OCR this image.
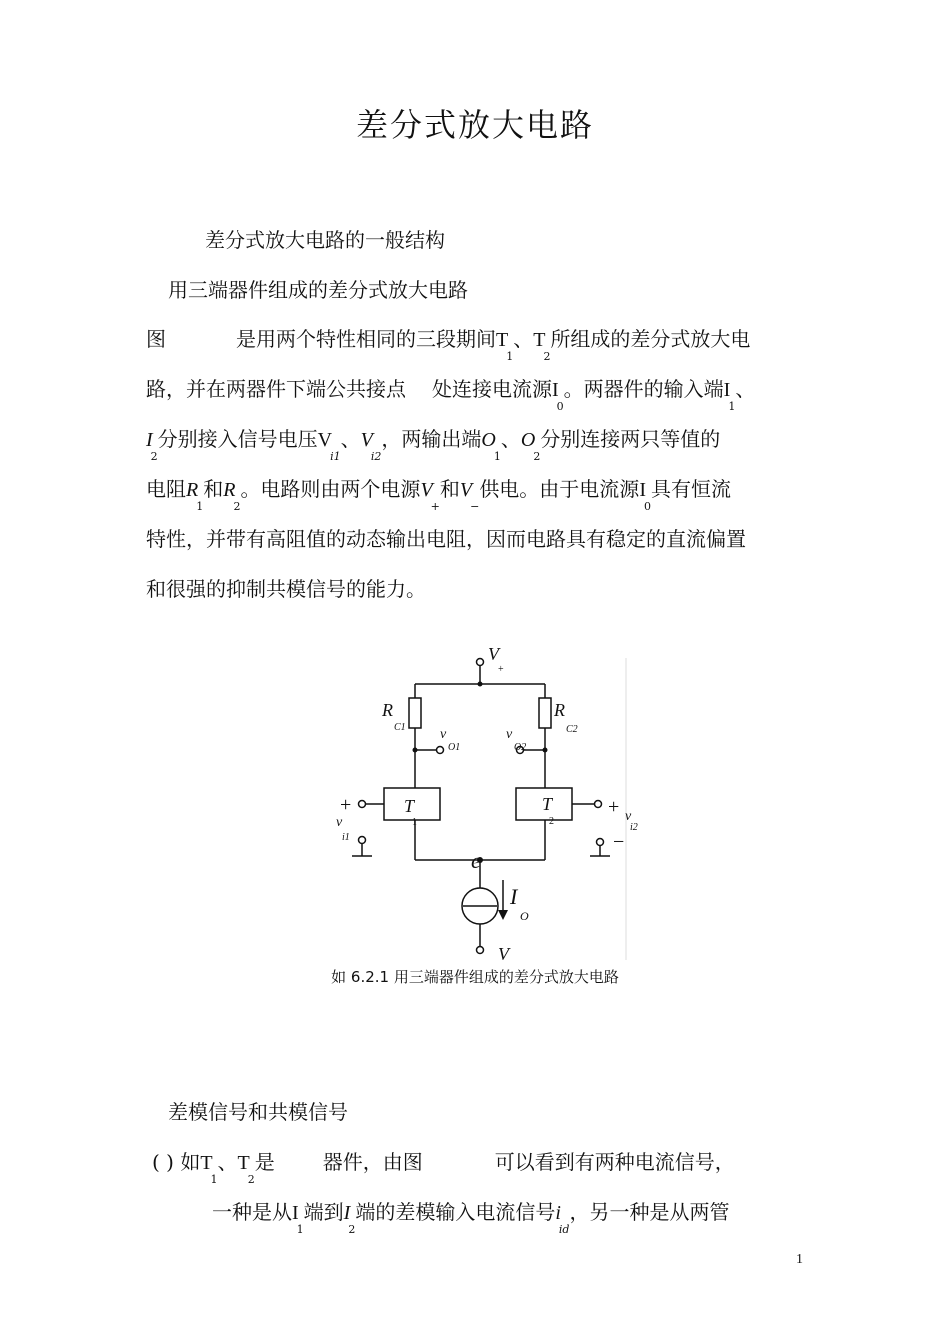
差分式放大电路
差分式放大电路的一般结构
用三端器件组成的差分式放大电路
图	是用两个特性相同的三段期间$T_1$、$T_2$所组成的差分式放大电
路，并在两器件下端公共接点 处连接电流源$I_0$。两器件的输入端$I_1$、
$I_2$分别接入信号电压$V_{i1}$、$V_{i2}$，两输出端$O_1$、$O_2$分别连接两只等值的
电阻$R_1$和$R_2$。电路则由两个电源$V_+$和$V_-$供电。由于电流源$I_0$具有恒流
特性，并带有高阻值的动态输出电阻，因而电路具有稳定的直流偏置
和很强的抑制共模信号的能力。
V
R	R
T	T
I
V
e
v	v
v	v
+
C1	C2
O1	O2
1	2
i1
i2
O
+	+
−
如 6.2.1 用三端器件组成的差分式放大电路
差模信号和共模信号
( ) 如$T_1$、$T_2$是 器件，由图	可以看到有两种电流信号，
一种是从$I_1$端到$I_2$端的差模输入电流信号$i_{id}$，另一种是从两管
1
